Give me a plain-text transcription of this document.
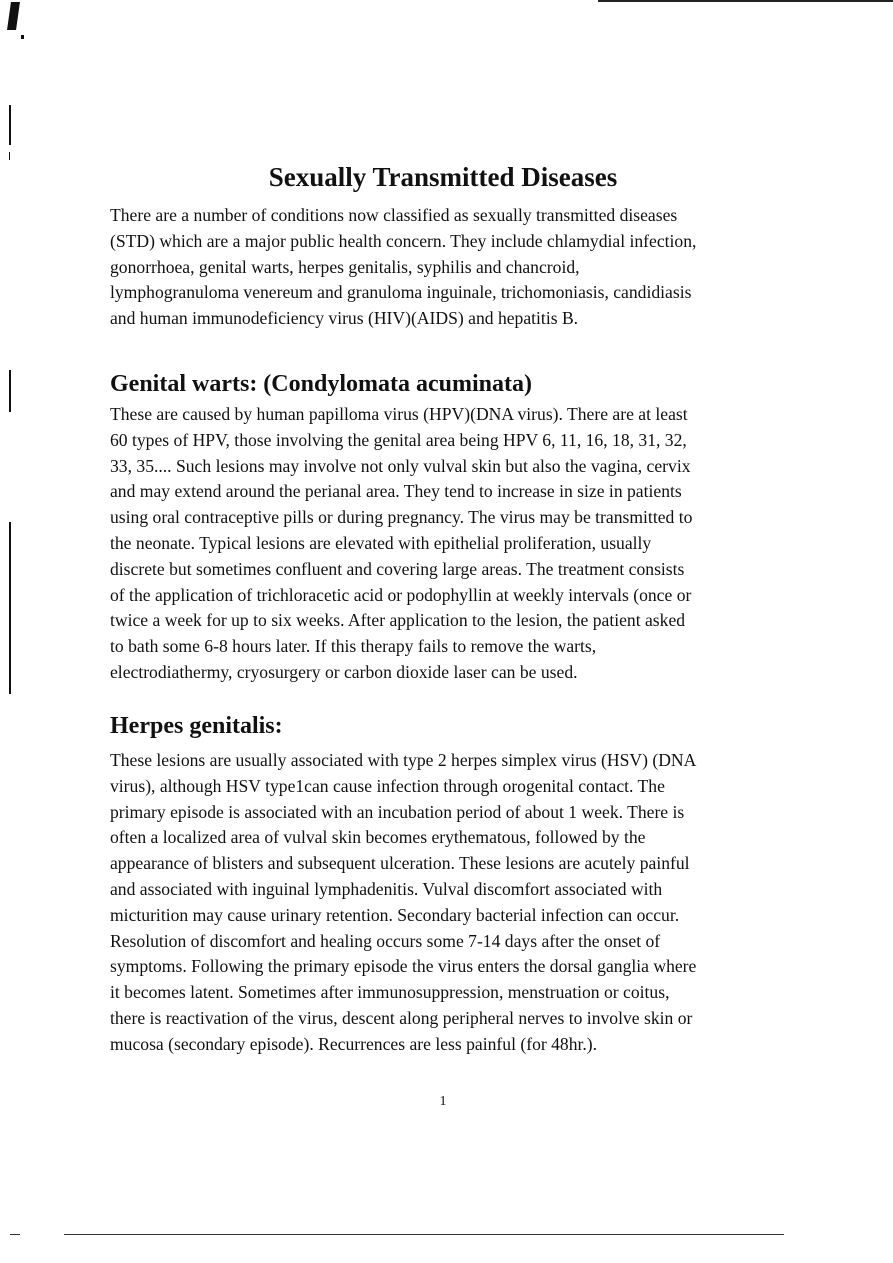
Sexually Transmitted Diseases

There are a number of conditions now classified as sexually transmitted diseases
(STD) which are a major public health concern. They include chlamydial infection,
gonorrhoea, genital warts, herpes genitalis, syphilis and chancroid,
lymphogranuloma venereum and granuloma inguinale, trichomoniasis, candidiasis
and human immunodeficiency virus (HIV)(AIDS) and hepatitis B.

Genital warts: (Condylomata acuminata)

These are caused by human papilloma virus (HPV)(DNA virus). There are at least
60 types of HPV, those involving the genital area being HPV 6, 11, 16, 18, 31, 32,
33, 35.... Such lesions may involve not only vulval skin but also the vagina, cervix
and may extend around the perianal area. They tend to increase in size in patients
using oral contraceptive pills or during pregnancy. The virus may be transmitted to
the neonate. Typical lesions are elevated with epithelial proliferation, usually
discrete but sometimes confluent and covering large areas. The treatment consists
of the application of trichloracetic acid or podophyllin at weekly intervals (once or
twice a week for up to six weeks. After application to the lesion, the patient asked
to bath some 6-8 hours later. If this therapy fails to remove the warts,
electrodiathermy, cryosurgery or carbon dioxide laser can be used.

Herpes genitalis:

These lesions are usually associated with type 2 herpes simplex virus (HSV) (DNA
virus), although HSV type1can cause infection through orogenital contact. The
primary episode is associated with an incubation period of about 1 week. There is
often a localized area of vulval skin becomes erythematous, followed by the
appearance of blisters and subsequent ulceration. These lesions are acutely painful
and associated with inguinal lymphadenitis. Vulval discomfort associated with
micturition may cause urinary retention. Secondary bacterial infection can occur.
Resolution of discomfort and healing occurs some 7-14 days after the onset of
symptoms. Following the primary episode the virus enters the dorsal ganglia where
it becomes latent. Sometimes after immunosuppression, menstruation or coitus,
there is reactivation of the virus, descent along peripheral nerves to involve skin or
mucosa (secondary episode). Recurrences are less painful (for 48hr.).

1
